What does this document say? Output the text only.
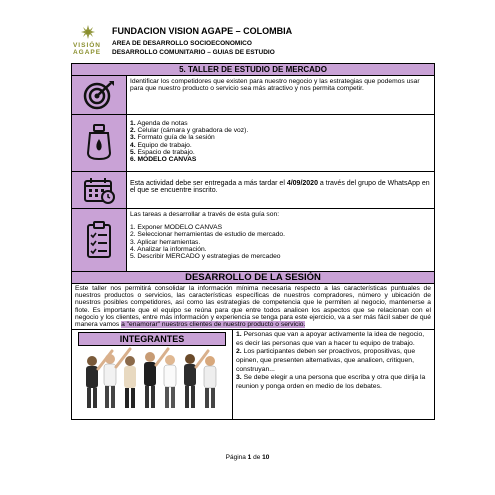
VISIÓN
AGAPE
FUNDACION VISION AGAPE – COLOMBIA
AREA DE DESARROLLO SOCIOECONOMICO
DESARROLLO COMUNITARIO – GUIAS DE ESTUDIO
5. TALLER DE ESTUDIO DE MERCADO
Identificar los competidores que existen para nuestro negocio y las estrategias que podemos usar para que nuestro producto o servicio sea más atractivo y nos permita competir.
1. Agenda de notas
2. Celular (cámara y grabadora de voz).
3. Formato guía de la sesión
4. Equipo de trabajo.
5. Espacio de trabajo.
6. MODELO CANVAS
Esta actividad debe ser entregada a más tardar el 4/09/2020 a través del grupo de WhatsApp en el que se encuentre inscrito.
Las tareas a desarrollar a través de esta guía son:
1. Exponer MODELO CANVAS
2. Seleccionar herramientas de estudio de mercado.
3. Aplicar herramientas.
4. Analizar la información.
5. Describir MERCADO y estrategias de mercadeo
DESARROLLO DE LA SESIÓN
Este taller nos permitirá consolidar la información mínima necesaria respecto a las características puntuales de nuestros productos o servicios, las características específicas de nuestros compradores, número y ubicación de nuestros posibles competidores, así como las estrategias de competencia que le permiten al negocio, mantenerse a flote. Es importante que el equipo se reúna para que entre todos analicen los aspectos que se relacionan con el negocio y los clientes, entre más información y experiencia se tenga para este ejercicio, va a ser más fácil saber de qué manera vamos a "enamorar" nuestros clientes de nuestro producto o servicio.
INTEGRANTES	1. Personas que van a apoyar activamente la idea de negocio, es decir las personas que van a hacer tu equipo de trabajo.
2. Los participantes deben ser proactivos, propositivas, que opinen, que presenten alternativas, que analicen, critiquen, construyan...
3. Se debe elegir a una persona que escriba y otra que dirija la reunion y ponga orden en medio de los debates.
Página 1 de 10
